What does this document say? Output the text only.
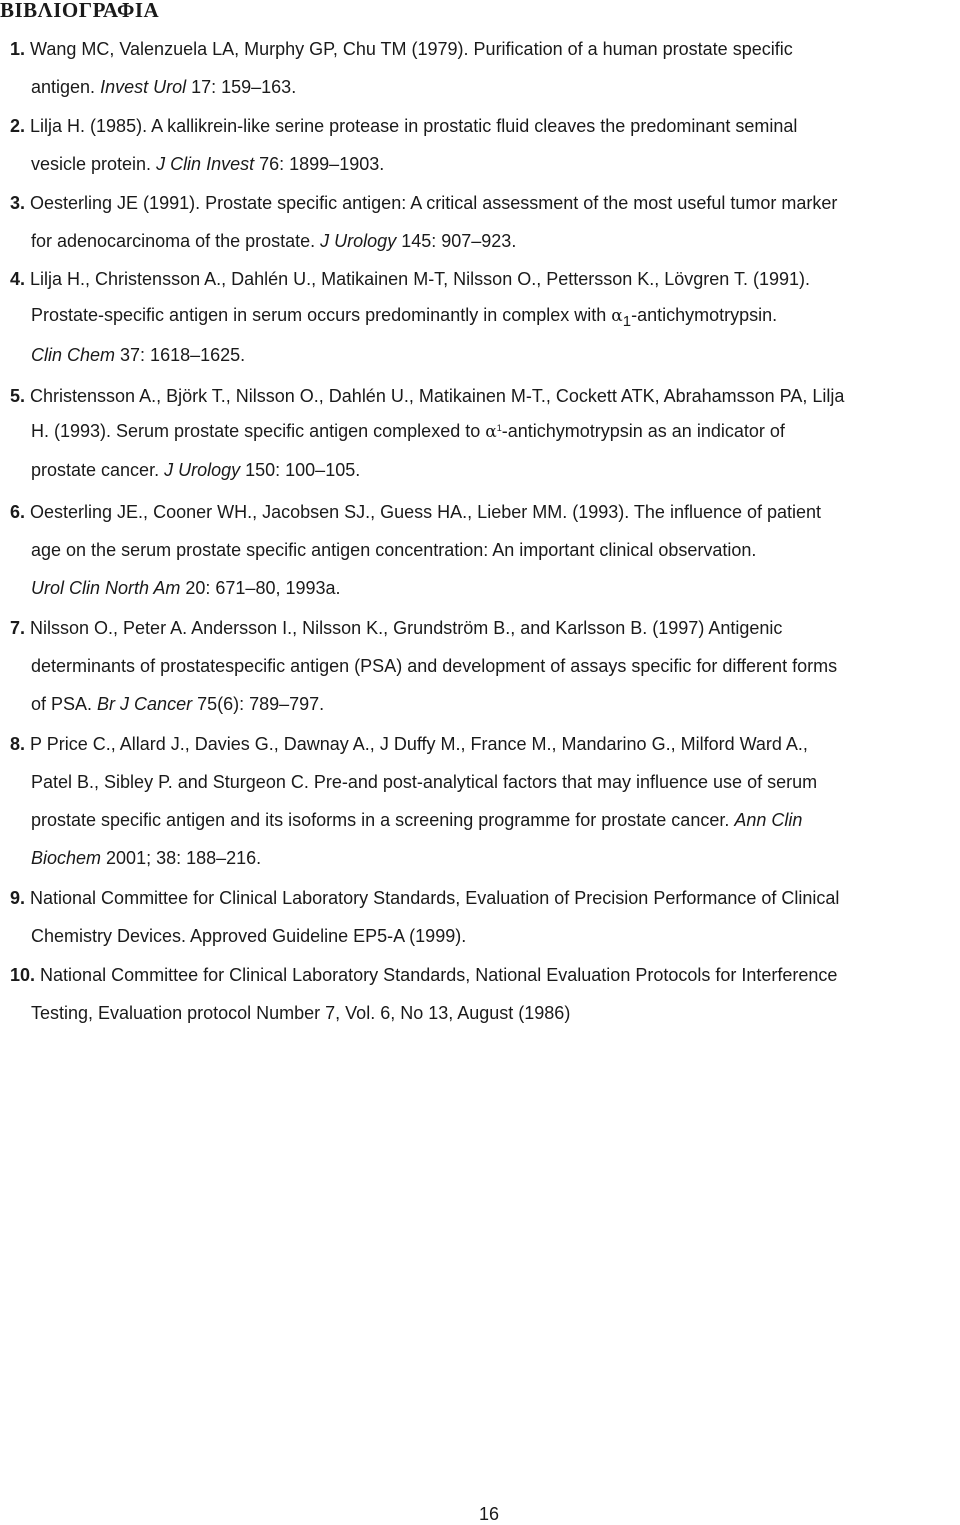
ΒΙΒΛΙΟΓΡΑΦΙΑ
1. Wang MC, Valenzuela LA, Murphy GP, Chu TM (1979). Purification of a human prostate specific
antigen. Invest Urol 17: 159–163.
2. Lilja H. (1985). A kallikrein-like serine protease in prostatic fluid cleaves the predominant seminal
vesicle protein. J Clin Invest 76: 1899–1903.
3. Oesterling JE (1991). Prostate specific antigen: A critical assessment of the most useful tumor marker
for adenocarcinoma of the prostate. J Urology 145: 907–923.
4. Lilja H., Christensson A., Dahlén U., Matikainen M-T, Nilsson O., Pettersson K., Lövgren T. (1991).
Prostate-specific antigen in serum occurs predominantly in complex with $\alpha_1$-antichymotrypsin.
Clin Chem 37: 1618–1625.
5. Christensson A., Björk T., Nilsson O., Dahlén U., Matikainen M-T., Cockett ATK, Abrahamsson PA, Lilja
H. (1993). Serum prostate specific antigen complexed to $\alpha^1$-antichymotrypsin as an indicator of
prostate cancer. J Urology 150: 100–105.
6. Oesterling JE., Cooner WH., Jacobsen SJ., Guess HA., Lieber MM. (1993). The influence of patient
age on the serum prostate specific antigen concentration: An important clinical observation.
Urol Clin North Am 20: 671–80, 1993a.
7. Nilsson O., Peter A. Andersson I., Nilsson K., Grundström B., and Karlsson B. (1997) Antigenic
determinants of prostatespecific antigen (PSA) and development of assays specific for different forms
of PSA. Br J Cancer 75(6): 789–797.
8. P Price C., Allard J., Davies G., Dawnay A., J Duffy M., France M., Mandarino G., Milford Ward A.,
Patel B., Sibley P. and Sturgeon C. Pre-and post-analytical factors that may influence use of serum
prostate specific antigen and its isoforms in a screening programme for prostate cancer. Ann Clin
Biochem 2001; 38: 188–216.
9. National Committee for Clinical Laboratory Standards, Evaluation of Precision Performance of Clinical
Chemistry Devices. Approved Guideline EP5-A (1999).
10. National Committee for Clinical Laboratory Standards, National Evaluation Protocols for Interference
Testing, Evaluation protocol Number 7, Vol. 6, No 13, August (1986)
16
